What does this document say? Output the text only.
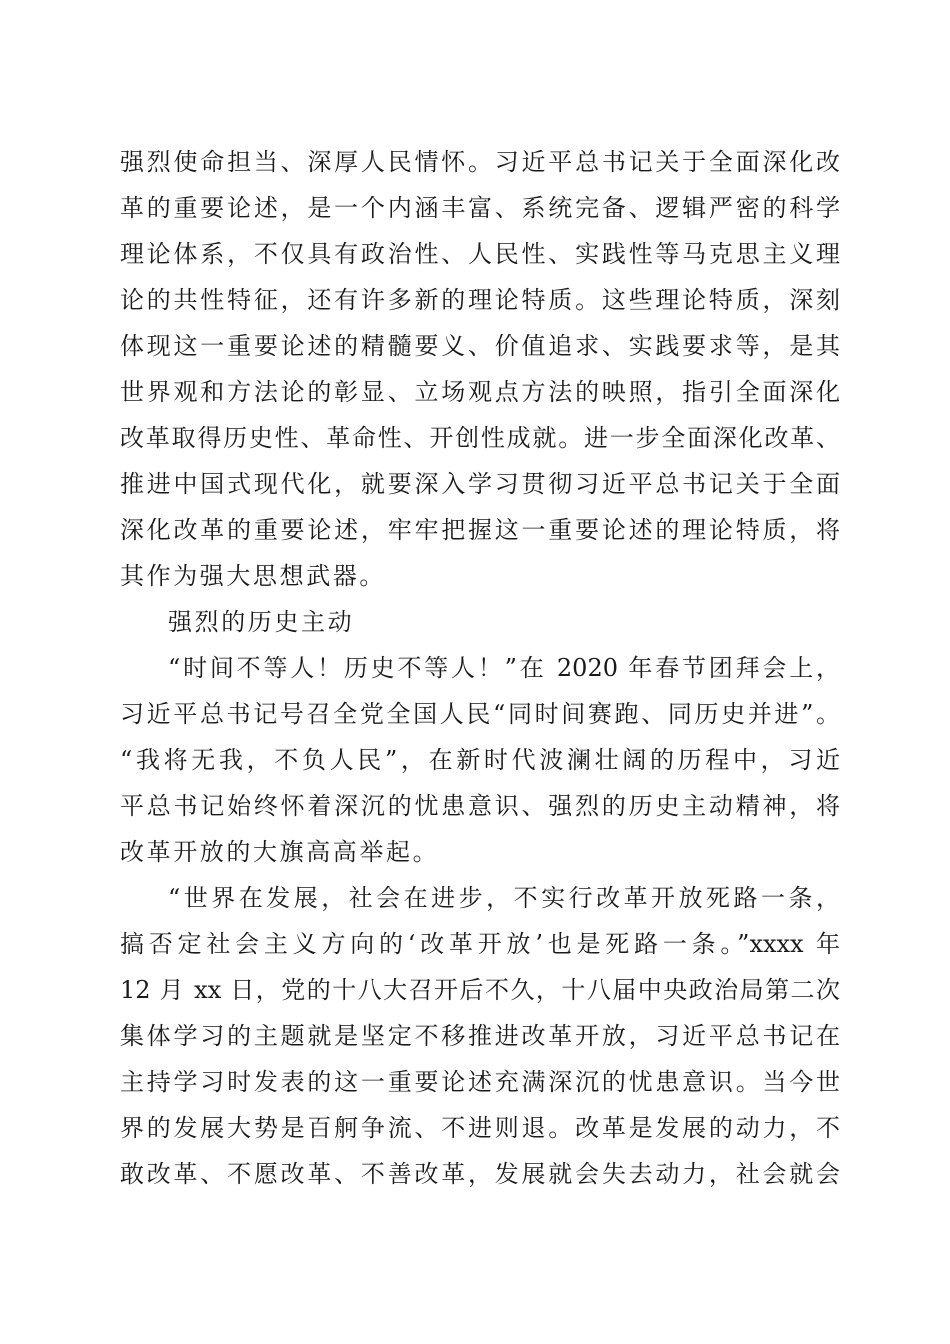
强烈使命担当、深厚人民情怀。习近平总书记关于全面深化改
革的重要论述，是一个内涵丰富、系统完备、逻辑严密的科学
理论体系，不仅具有政治性、人民性、实践性等马克思主义理
论的共性特征，还有许多新的理论特质。这些理论特质，深刻
体现这一重要论述的精髓要义、价值追求、实践要求等，是其
世界观和方法论的彰显、立场观点方法的映照，指引全面深化
改革取得历史性、革命性、开创性成就。进一步全面深化改革、
推进中国式现代化，就要深入学习贯彻习近平总书记关于全面
深化改革的重要论述，牢牢把握这一重要论述的理论特质，将
其作为强大思想武器。
强烈的历史主动
“时间不等人！历史不等人！”在 2020 年春节团拜会上，
习近平总书记号召全党全国人民“同时间赛跑、同历史并进”。
“我将无我，不负人民”，在新时代波澜壮阔的历程中，习近
平总书记始终怀着深沉的忧患意识、强烈的历史主动精神，将
改革开放的大旗高高举起。
“世界在发展，社会在进步，不实行改革开放死路一条，
搞否定社会主义方向的‘改革开放’也是死路一条。”xxxx 年
12 月 xx 日，党的十八大召开后不久，十八届中央政治局第二次
集体学习的主题就是坚定不移推进改革开放，习近平总书记在
主持学习时发表的这一重要论述充满深沉的忧患意识。当今世
界的发展大势是百舸争流、不进则退。改革是发展的动力，不
敢改革、不愿改革、不善改革，发展就会失去动力，社会就会
